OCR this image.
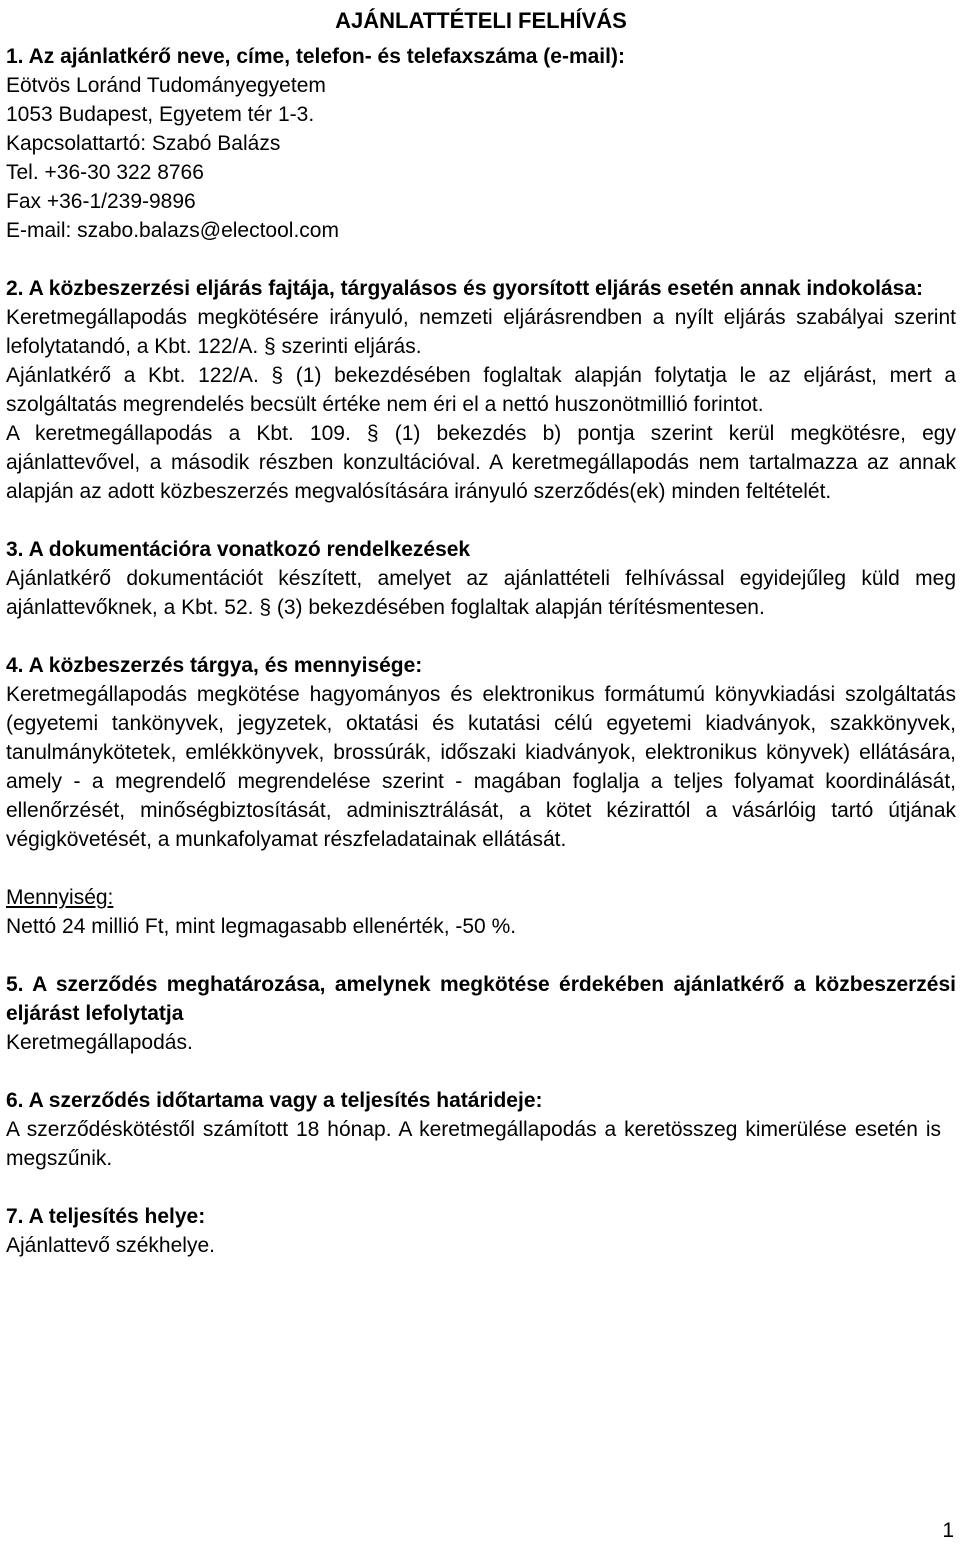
AJÁNLATTÉTELI FELHÍVÁS

1. Az ajánlatkérő neve, címe, telefon- és telefaxszáma (e-mail):

Eötvös Loránd Tudományegyetem

1053 Budapest, Egyetem tér 1-3.

Kapcsolattartó: Szabó Balázs

Tel. +36-30 322 8766

Fax +36-1/239-9896

E-mail: szabo.balazs@electool.com

2. A közbeszerzési eljárás fajtája, tárgyalásos és gyorsított eljárás esetén annak indokolása:

Keretmegállapodás megkötésére irányuló, nemzeti eljárásrendben a nyílt eljárás szabályai szerint lefolytatandó, a Kbt. 122/A. § szerinti eljárás.

Ajánlatkérő a Kbt. 122/A. § (1) bekezdésében foglaltak alapján folytatja le az eljárást, mert a szolgáltatás megrendelés becsült értéke nem éri el a nettó huszonötmillió forintot.

A keretmegállapodás a Kbt. 109. § (1) bekezdés b) pontja szerint kerül megkötésre, egy ajánlattevővel, a második részben konzultációval. A keretmegállapodás nem tartalmazza az annak alapján az adott közbeszerzés megvalósítására irányuló szerződés(ek) minden feltételét.

3. A dokumentációra vonatkozó rendelkezések

Ajánlatkérő dokumentációt készített, amelyet az ajánlattételi felhívással egyidejűleg küld meg ajánlattevőknek, a Kbt. 52. § (3) bekezdésében foglaltak alapján térítésmentesen.

4. A közbeszerzés tárgya, és mennyisége:

Keretmegállapodás megkötése hagyományos és elektronikus formátumú könyvkiadási szolgáltatás (egyetemi tankönyvek, jegyzetek, oktatási és kutatási célú egyetemi kiadványok, szakkönyvek, tanulmánykötetek, emlékkönyvek, brossúrák, időszaki kiadványok, elektronikus könyvek) ellátására, amely - a megrendelő megrendelése szerint - magában foglalja a teljes folyamat koordinálását, ellenőrzését, minőségbiztosítását, adminisztrálását, a kötet kézirattól a vásárlóig tartó útjának végigkövetését, a munkafolyamat részfeladatainak ellátását.

Mennyiség:

Nettó 24 millió Ft, mint legmagasabb ellenérték, -50 %.

5. A szerződés meghatározása, amelynek megkötése érdekében ajánlatkérő a közbeszerzési eljárást lefolytatja

Keretmegállapodás.

6. A szerződés időtartama vagy a teljesítés határideje:

A szerződéskötéstől számított 18 hónap. A keretmegállapodás a keretösszeg kimerülése esetén is megszűnik.

7. A teljesítés helye:

Ajánlattevő székhelye.

1
